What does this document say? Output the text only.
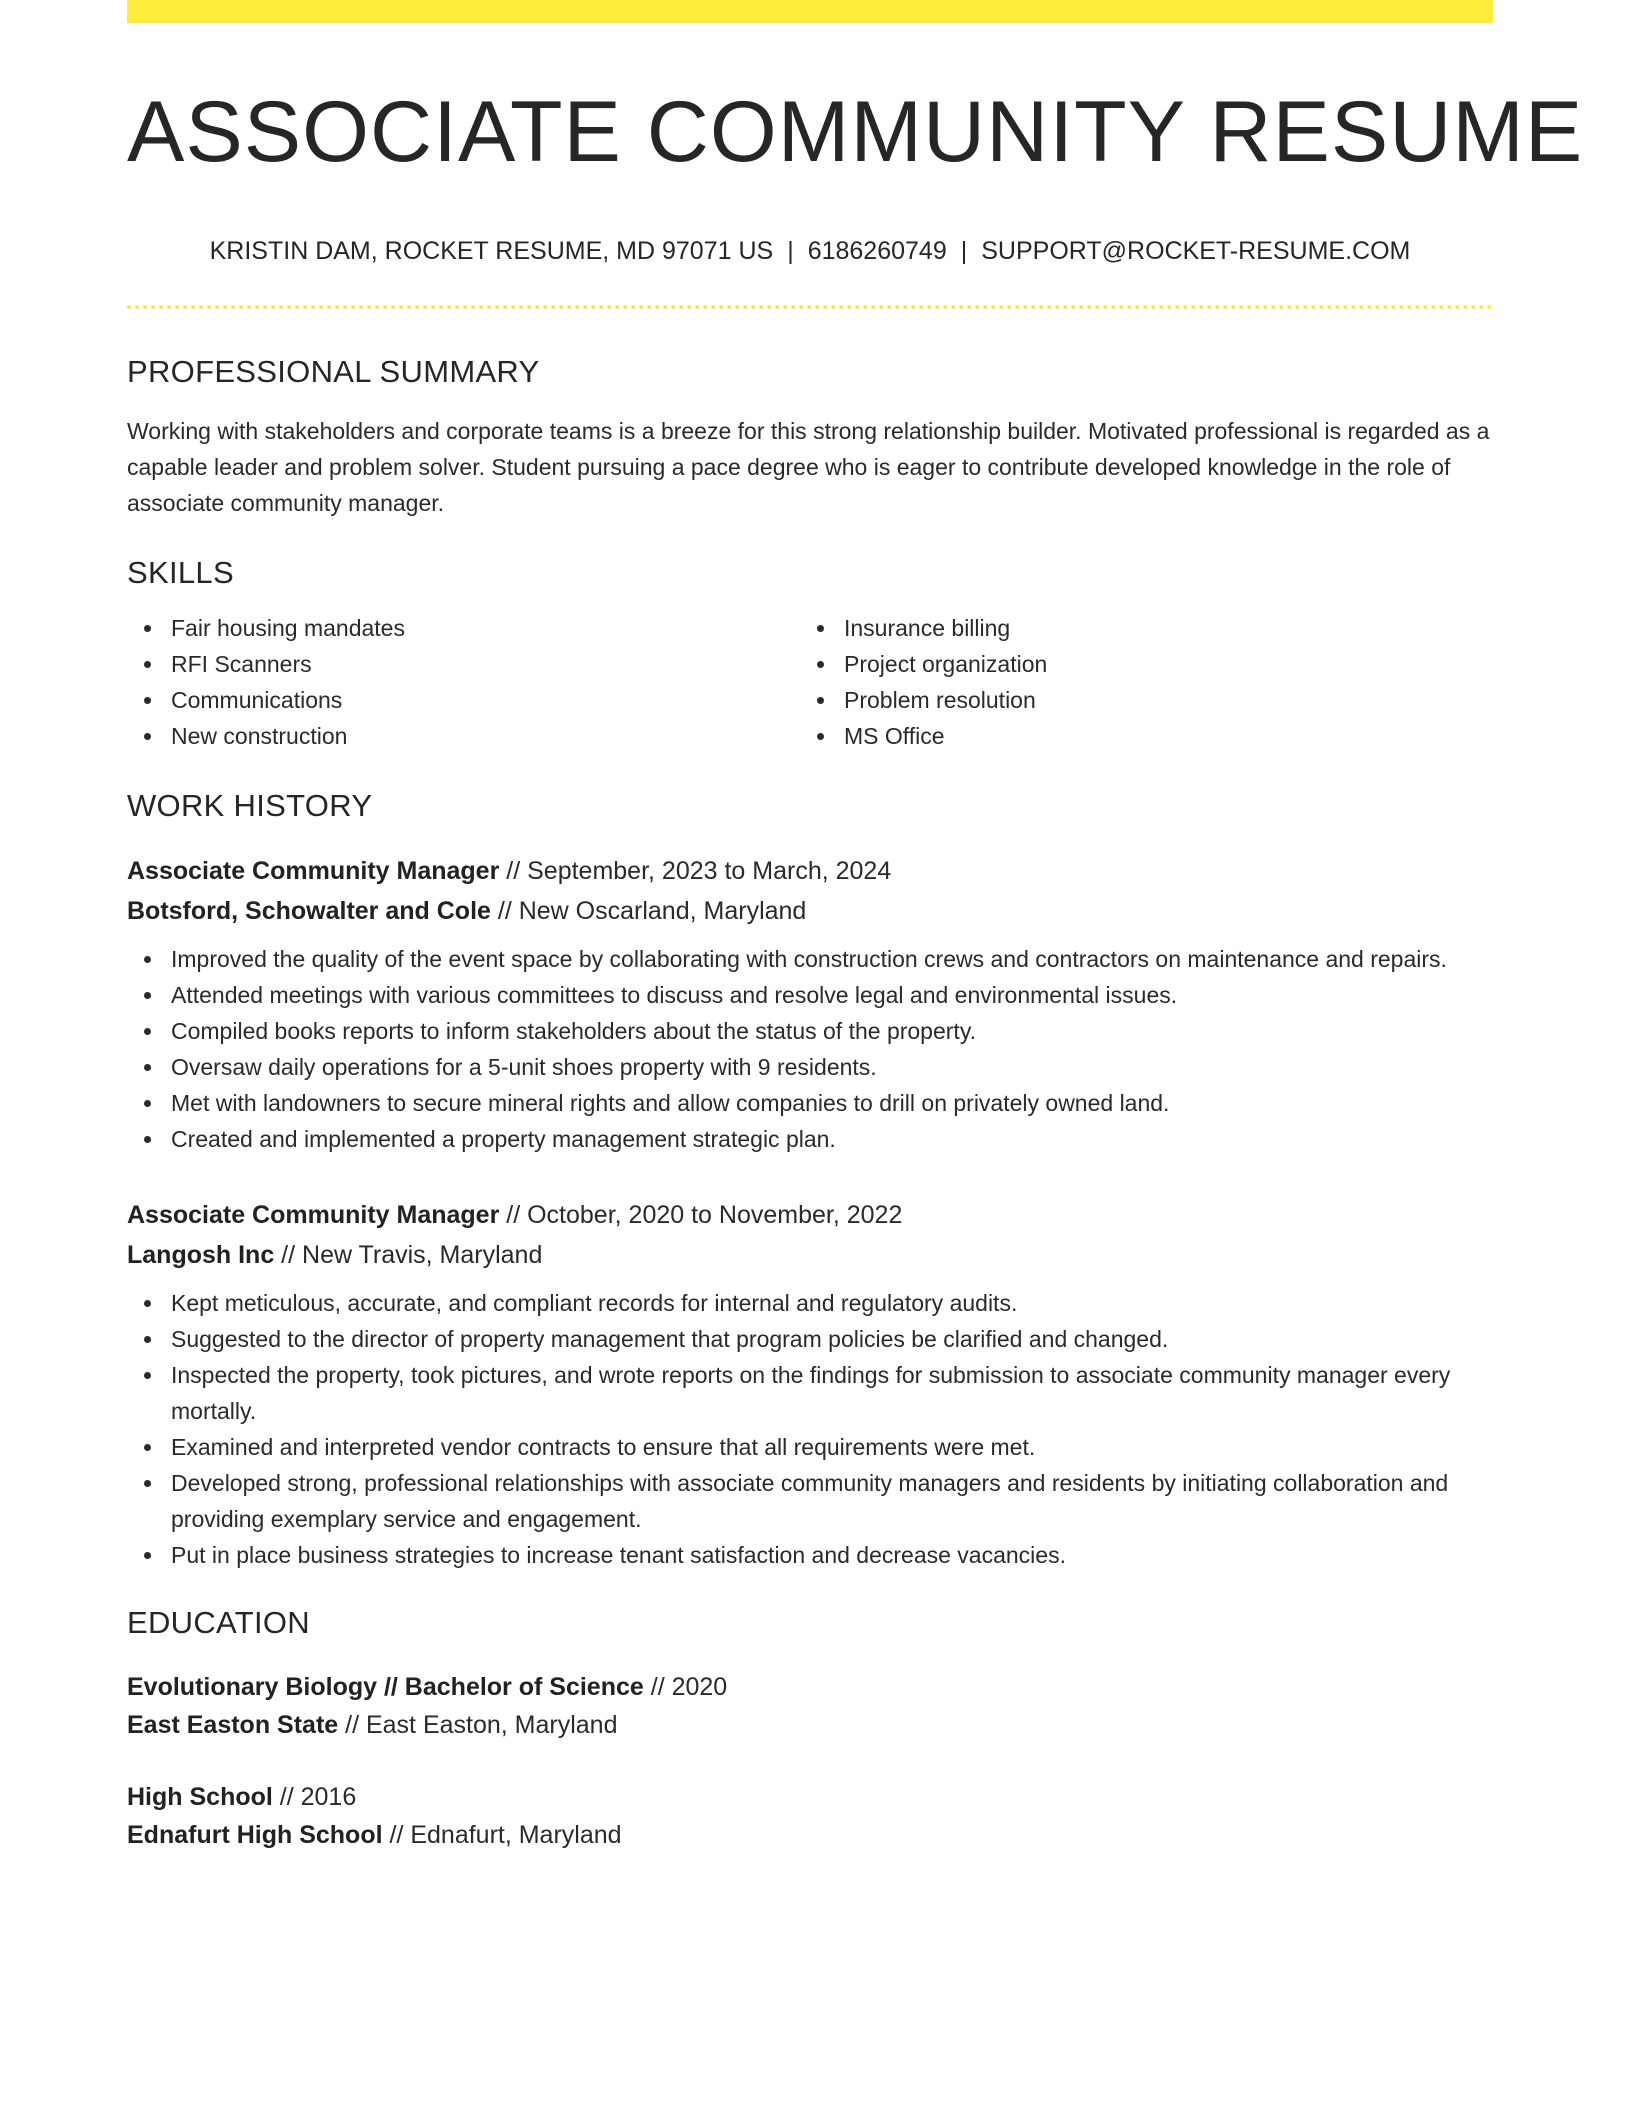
ASSOCIATE COMMUNITY RESUME
KRISTIN DAM, ROCKET RESUME, MD 97071 US | 6186260749 | SUPPORT@ROCKET-RESUME.COM
PROFESSIONAL SUMMARY
Working with stakeholders and corporate teams is a breeze for this strong relationship builder. Motivated professional is regarded as a capable leader and problem solver. Student pursuing a pace degree who is eager to contribute developed knowledge in the role of associate community manager.
SKILLS
Fair housing mandates
RFI Scanners
Communications
New construction
Insurance billing
Project organization
Problem resolution
MS Office
WORK HISTORY
Associate Community Manager // September, 2023 to March, 2024
Botsford, Schowalter and Cole // New Oscarland, Maryland
Improved the quality of the event space by collaborating with construction crews and contractors on maintenance and repairs.
Attended meetings with various committees to discuss and resolve legal and environmental issues.
Compiled books reports to inform stakeholders about the status of the property.
Oversaw daily operations for a 5-unit shoes property with 9 residents.
Met with landowners to secure mineral rights and allow companies to drill on privately owned land.
Created and implemented a property management strategic plan.
Associate Community Manager // October, 2020 to November, 2022
Langosh Inc // New Travis, Maryland
Kept meticulous, accurate, and compliant records for internal and regulatory audits.
Suggested to the director of property management that program policies be clarified and changed.
Inspected the property, took pictures, and wrote reports on the findings for submission to associate community manager every mortally.
Examined and interpreted vendor contracts to ensure that all requirements were met.
Developed strong, professional relationships with associate community managers and residents by initiating collaboration and providing exemplary service and engagement.
Put in place business strategies to increase tenant satisfaction and decrease vacancies.
EDUCATION
Evolutionary Biology // Bachelor of Science // 2020
East Easton State // East Easton, Maryland
High School // 2016
Ednafurt High School // Ednafurt, Maryland
